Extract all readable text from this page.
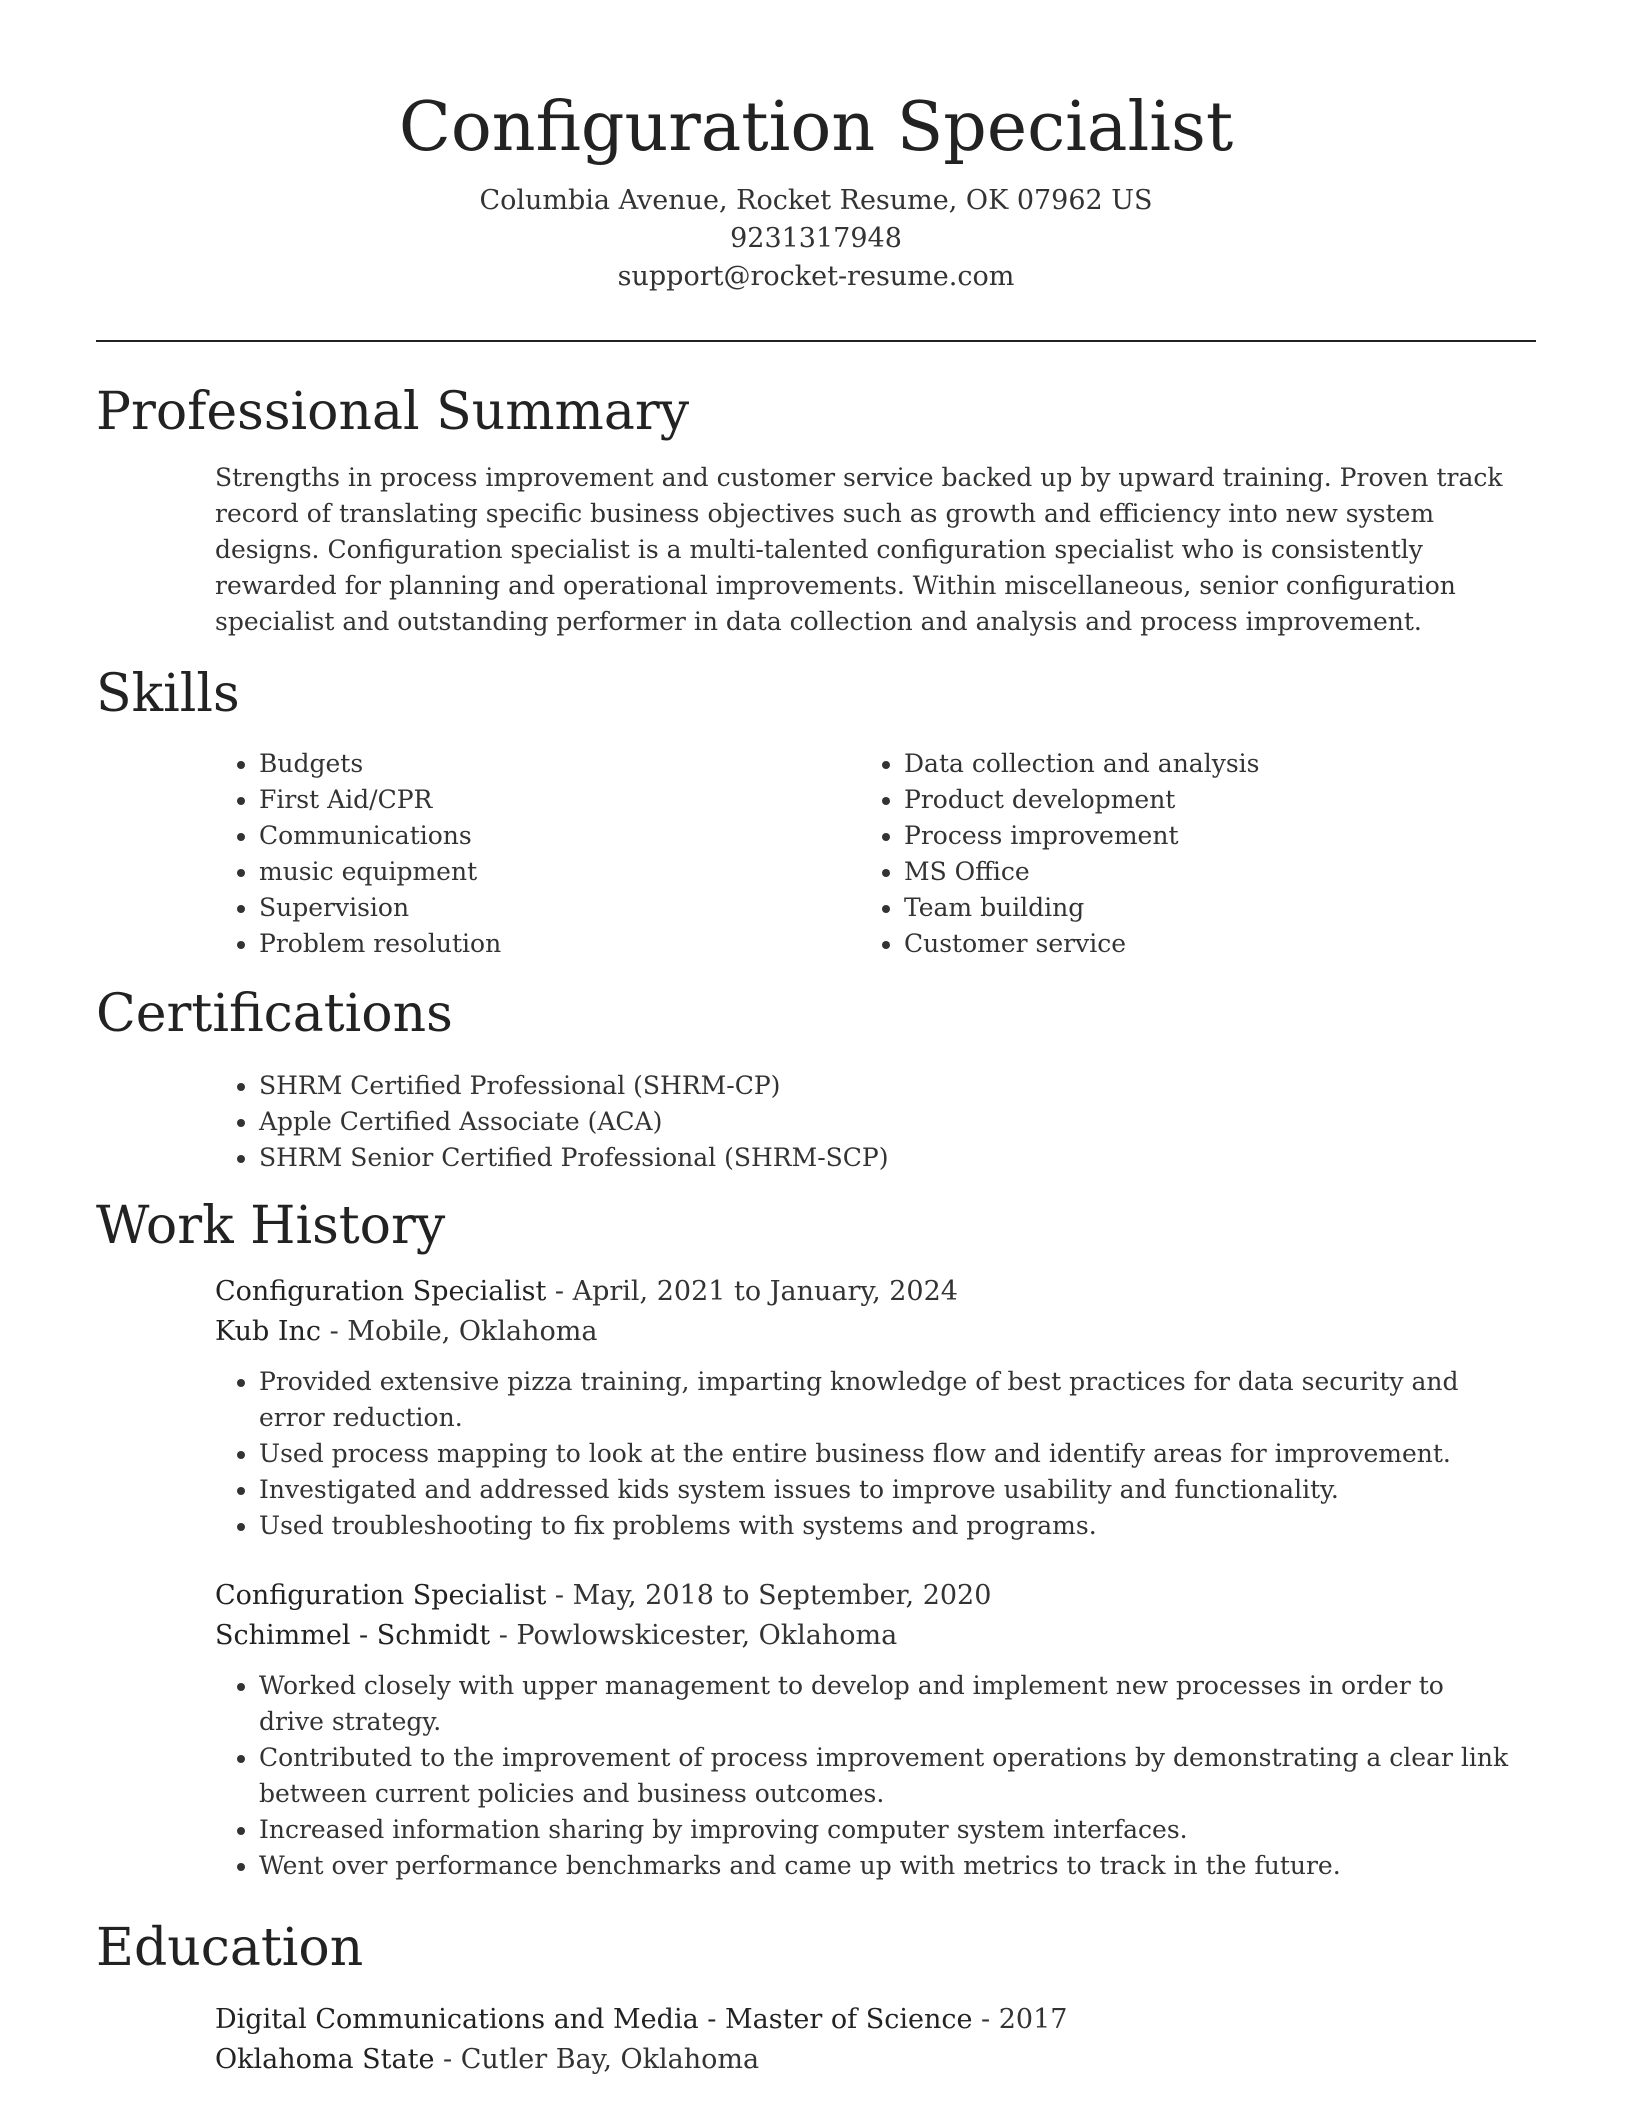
Configuration Specialist

Columbia Avenue, Rocket Resume, OK 07962 US

9231317948

support@rocket-resume.com

Professional Summary

Strengths in process improvement and customer service backed up by upward training. Proven track record of translating specific business objectives such as growth and efficiency into new system designs. Configuration specialist is a multi-talented configuration specialist who is consistently rewarded for planning and operational improvements. Within miscellaneous, senior configuration specialist and outstanding performer in data collection and analysis and process improvement.

Skills
• Budgets
• First Aid/CPR
• Communications
• music equipment
• Supervision
• Problem resolution
• Data collection and analysis
• Product development
• Process improvement
• MS Office
• Team building
• Customer service
Certifications
• SHRM Certified Professional (SHRM-CP)
• Apple Certified Associate (ACA)
• SHRM Senior Certified Professional (SHRM-SCP)
Work History

Configuration Specialist - April, 2021 to January, 2024

Kub Inc - Mobile, Oklahoma

• Provided extensive pizza training, imparting knowledge of best practices for data security and error reduction.
• Used process mapping to look at the entire business flow and identify areas for improvement.
• Investigated and addressed kids system issues to improve usability and functionality.
• Used troubleshooting to fix problems with systems and programs.

Configuration Specialist - May, 2018 to September, 2020

Schimmel - Schmidt - Powlowskicester, Oklahoma

• Worked closely with upper management to develop and implement new processes in order to drive strategy.
• Contributed to the improvement of process improvement operations by demonstrating a clear link between current policies and business outcomes.
• Increased information sharing by improving computer system interfaces.
• Went over performance benchmarks and came up with metrics to track in the future.
Education

Digital Communications and Media - Master of Science - 2017

Oklahoma State - Cutler Bay, Oklahoma
